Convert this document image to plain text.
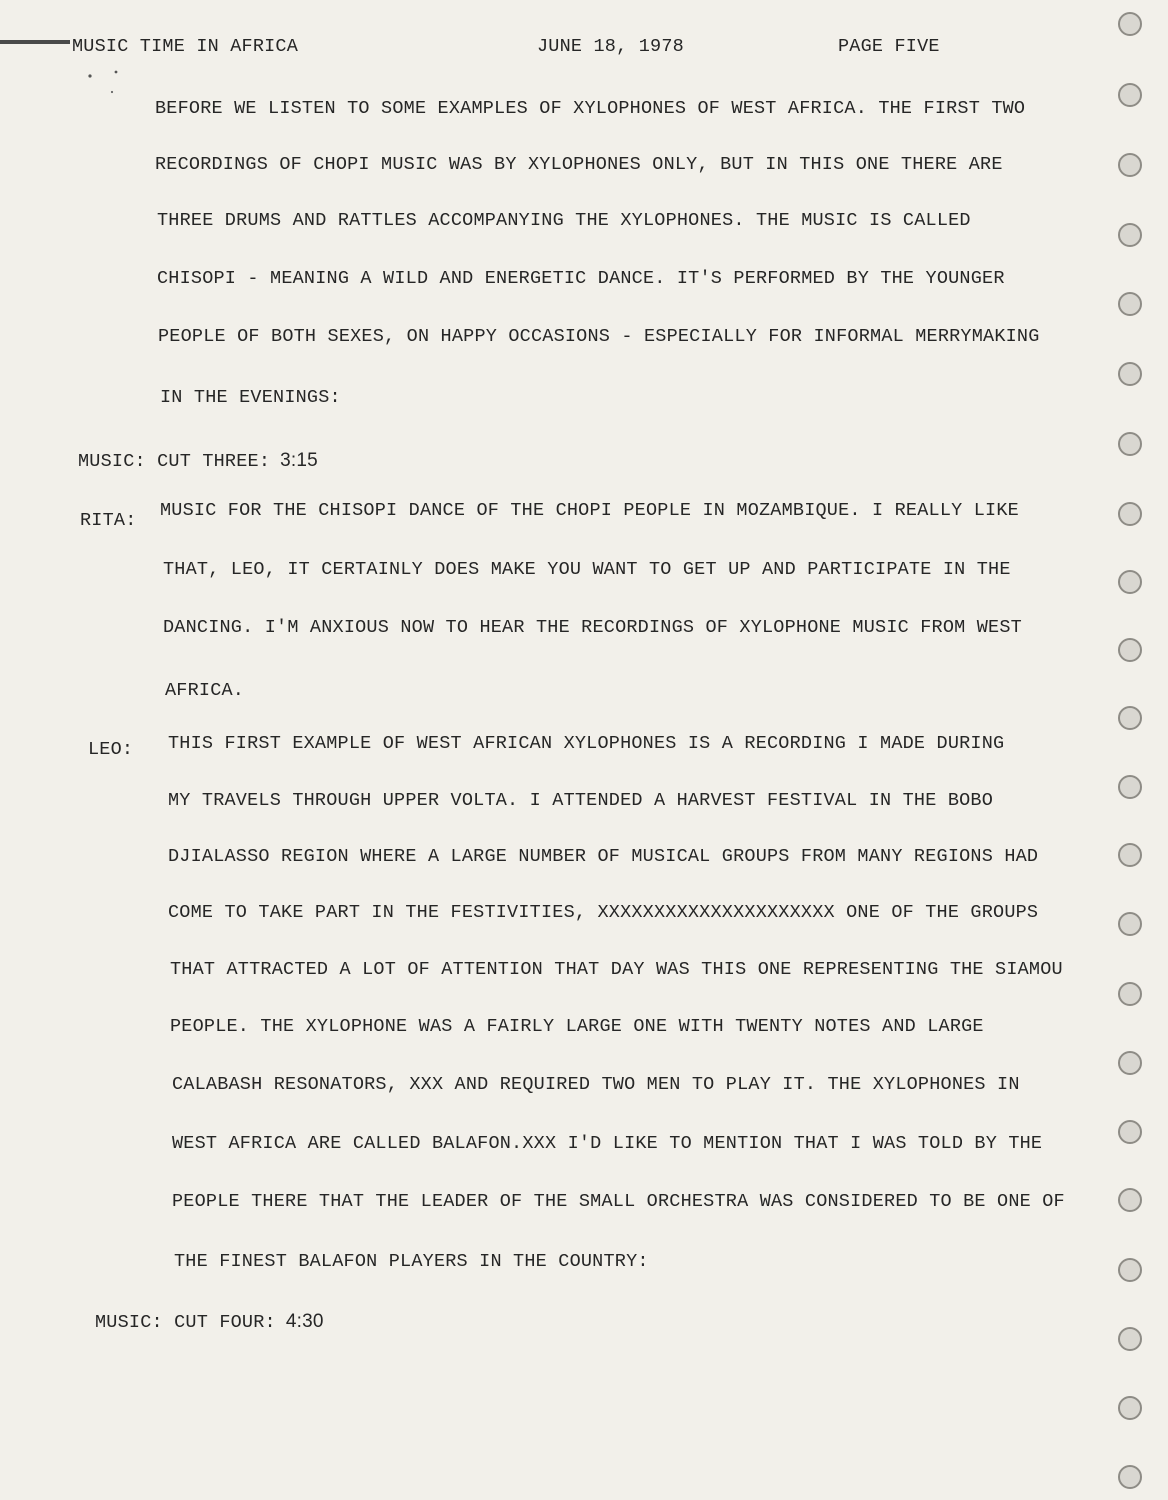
MUSIC TIME IN AFRICA	JUNE 18, 1978	PAGE FIVE
BEFORE WE LISTEN TO SOME EXAMPLES OF XYLOPHONES OF WEST AFRICA. THE FIRST TWO
RECORDINGS OF CHOPI MUSIC WAS BY XYLOPHONES ONLY, BUT IN THIS ONE THERE ARE
THREE DRUMS AND RATTLES ACCOMPANYING THE XYLOPHONES. THE MUSIC IS CALLED
CHISOPI - MEANING A WILD AND ENERGETIC DANCE. IT'S PERFORMED BY THE YOUNGER
PEOPLE OF BOTH SEXES, ON HAPPY OCCASIONS - ESPECIALLY FOR INFORMAL MERRYMAKING
IN THE EVENINGS:
MUSIC: CUT THREE: 3:15
RITA: MUSIC FOR THE CHISOPI DANCE OF THE CHOPI PEOPLE IN MOZAMBIQUE. I REALLY LIKE
THAT, LEO, IT CERTAINLY DOES MAKE YOU WANT TO GET UP AND PARTICIPATE IN THE
DANCING. I'M ANXIOUS NOW TO HEAR THE RECORDINGS OF XYLOPHONE MUSIC FROM WEST
AFRICA.
LEO: THIS FIRST EXAMPLE OF WEST AFRICAN XYLOPHONES IS A RECORDING I MADE DURING
MY TRAVELS THROUGH UPPER VOLTA. I ATTENDED A HARVEST FESTIVAL IN THE BOBO
DJIALASSO REGION WHERE A LARGE NUMBER OF MUSICAL GROUPS FROM MANY REGIONS HAD
COME TO TAKE PART IN THE FESTIVITIES, XXXXXXXXXXXXXXXXXXXXX ONE OF THE GROUPS
THAT ATTRACTED A LOT OF ATTENTION THAT DAY WAS THIS ONE REPRESENTING THE SIAMOU
PEOPLE. THE XYLOPHONE WAS A FAIRLY LARGE ONE WITH TWENTY NOTES AND LARGE
CALABASH RESONATORS, XXX AND REQUIRED TWO MEN TO PLAY IT. THE XYLOPHONES IN
WEST AFRICA ARE CALLED BALAFON.XXX I'D LIKE TO MENTION THAT I WAS TOLD BY THE
PEOPLE THERE THAT THE LEADER OF THE SMALL ORCHESTRA WAS CONSIDERED TO BE ONE OF
THE FINEST BALAFON PLAYERS IN THE COUNTRY:
MUSIC: CUT FOUR: 4:30
